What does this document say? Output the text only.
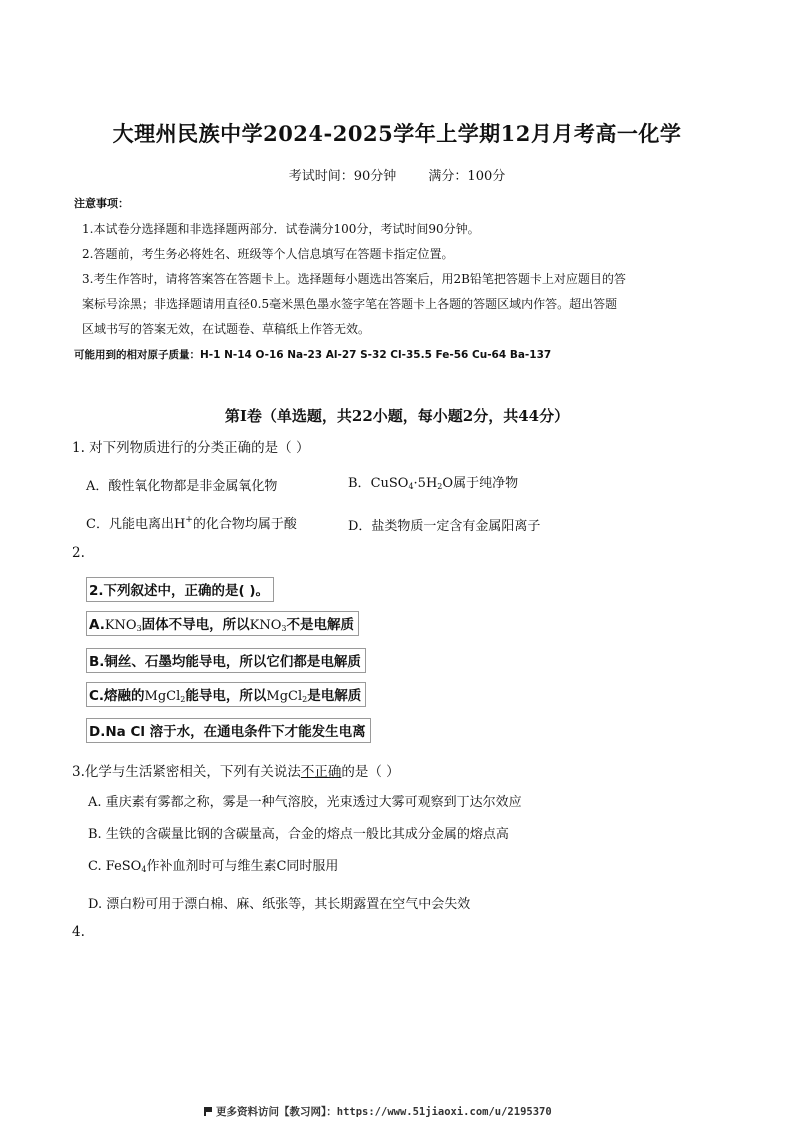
大理州民族中学2024-2025学年上学期12月月考高一化学
考试时间：90分钟 满分：100分
注意事项：
1.本试卷分选择题和非选择题两部分．试卷满分100分，考试时间90分钟。
2.答题前，考生务必将姓名、班级等个人信息填写在答题卡指定位置。
3.考生作答时，请将答案答在答题卡上。选择题每小题选出答案后，用2B铅笔把答题卡上对应题目的答
案标号涂黑；非选择题请用直径0.5毫米黑色墨水签字笔在答题卡上各题的答题区域内作答。超出答题
区域书写的答案无效，在试题卷、草稿纸上作答无效。
可能用到的相对原子质量：H-1 N-14 O-16 Na-23 Al-27 S-32 Cl-35.5 Fe-56 Cu-64 Ba-137
第Ⅰ卷（单选题，共22小题，每小题2分，共44分）
1. 对下列物质进行的分类正确的是（ ）
A．酸性氧化物都是非金属氧化物	B．$CuSO_4\cdot 5H_2O$属于纯净物
C．凡能电离出H+的化合物均属于酸	D．盐类物质一定含有金属阳离子
2.
2.下列叙述中，正确的是( )。
$A.KNO_3$固体不导电，所以$KNO_3$不是电解质
B.铜丝、石墨均能导电，所以它们都是电解质
C.熔融的MgCl$_2$能导电，所以MgCl$_2$是电解质
D.Na Cl 溶于水，在通电条件下才能发生电离
3.化学与生活紧密相关，下列有关说法不正确的是（ ）
A. 重庆素有雾都之称，雾是一种气溶胶，光束透过大雾可观察到丁达尔效应
B. 生铁的含碳量比钢的含碳量高，合金的熔点一般比其成分金属的熔点高
C. FeSO$_4$作补血剂时可与维生素C同时服用
D. 漂白粉可用于漂白棉、麻、纸张等，其长期露置在空气中会失效
4.
更多资料访问【教习网】：https://www.51jiaoxi.com/u/2195370
